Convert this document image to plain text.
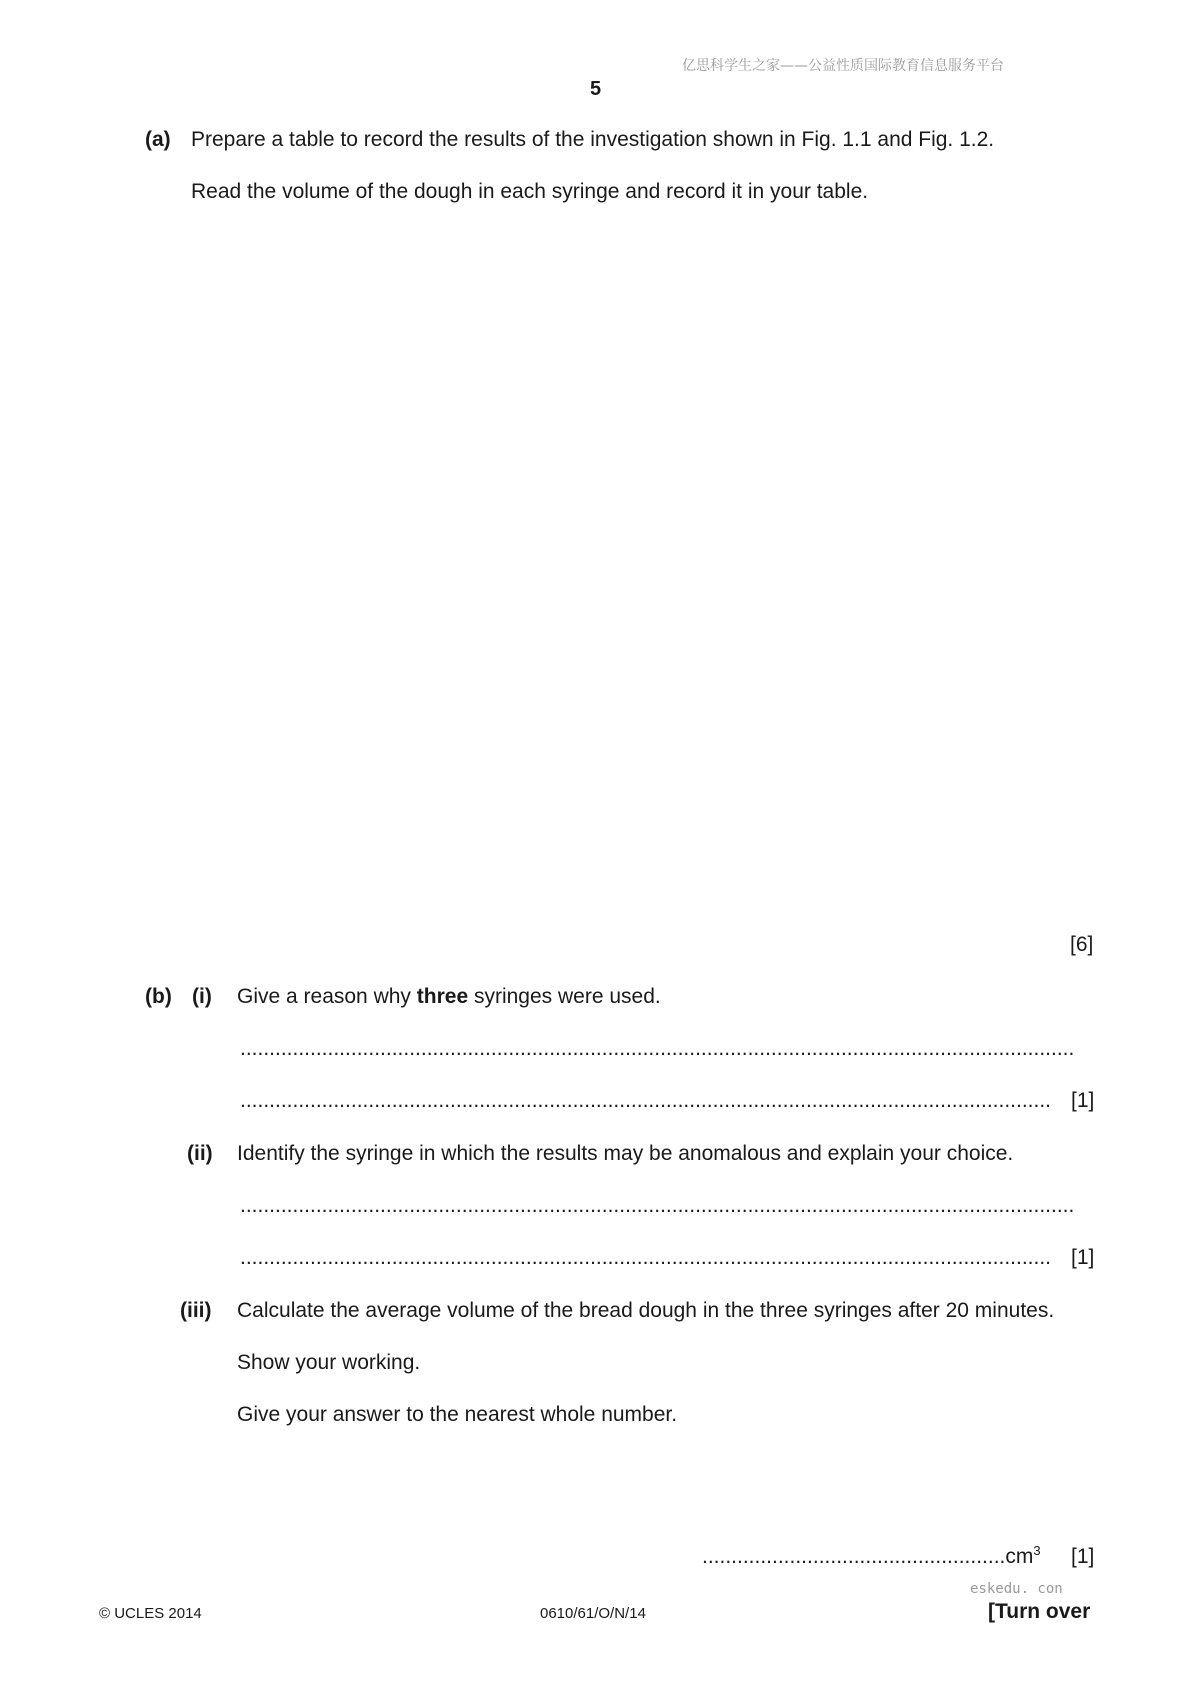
亿思科学生之家——公益性质国际教育信息服务平台
5
(a) Prepare a table to record the results of the investigation shown in Fig. 1.1 and Fig. 1.2.
Read the volume of the dough in each syringe and record it in your table.
[6]
(b) (i) Give a reason why three syringes were used.
...............................................................................................................................................
........................................................................................................................................... [1]
(ii) Identify the syringe in which the results may be anomalous and explain your choice.
...............................................................................................................................................
........................................................................................................................................... [1]
(iii) Calculate the average volume of the bread dough in the three syringes after 20 minutes.
Show your working.
Give your answer to the nearest whole number.
$....................................................cm^3$ [1]
eskedu. con
© UCLES 2014	0610/61/O/N/14	[Turn over
